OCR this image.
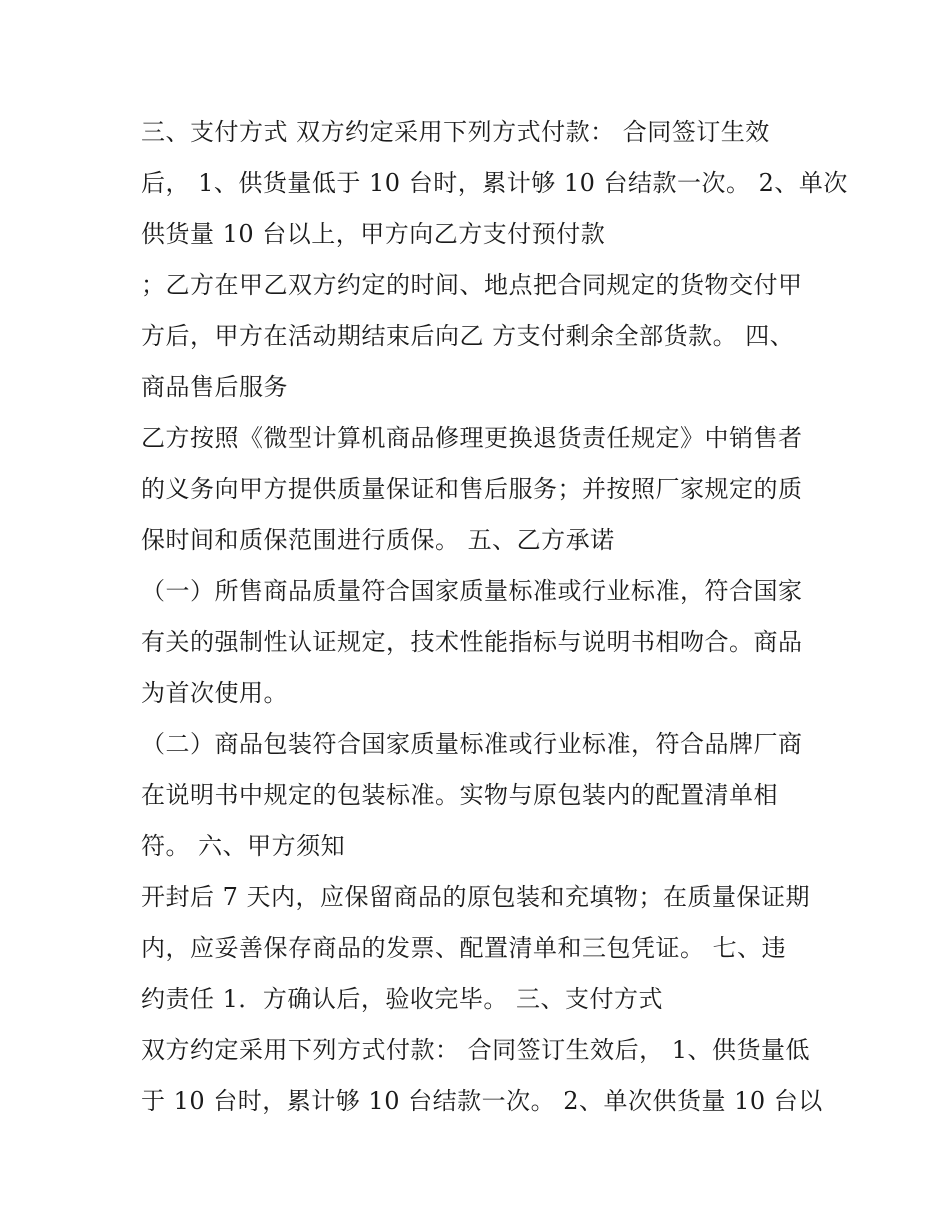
三、支付方式 双方约定采用下列方式付款： 合同签订生效
后， 1、供货量低于 10 台时，累计够 10 台结款一次。 2、单次
供货量 10 台以上，甲方向乙方支付预付款
；乙方在甲乙双方约定的时间、地点把合同规定的货物交付甲
方后，甲方在活动期结束后向乙 方支付剩余全部货款。 四、
商品售后服务
乙方按照《微型计算机商品修理更换退货责任规定》中销售者
的义务向甲方提供质量保证和售后服务；并按照厂家规定的质
保时间和质保范围进行质保。 五、乙方承诺
（一）所售商品质量符合国家质量标准或行业标准，符合国家
有关的强制性认证规定，技术性能指标与说明书相吻合。商品
为首次使用。
（二）商品包装符合国家质量标准或行业标准，符合品牌厂商
在说明书中规定的包装标准。实物与原包装内的配置清单相
符。 六、甲方须知
开封后 7 天内，应保留商品的原包装和充填物；在质量保证期
内，应妥善保存商品的发票、配置清单和三包凭证。 七、违
约责任 1．方确认后，验收完毕。 三、支付方式
双方约定采用下列方式付款： 合同签订生效后， 1、供货量低
于 10 台时，累计够 10 台结款一次。 2、单次供货量 10 台以
